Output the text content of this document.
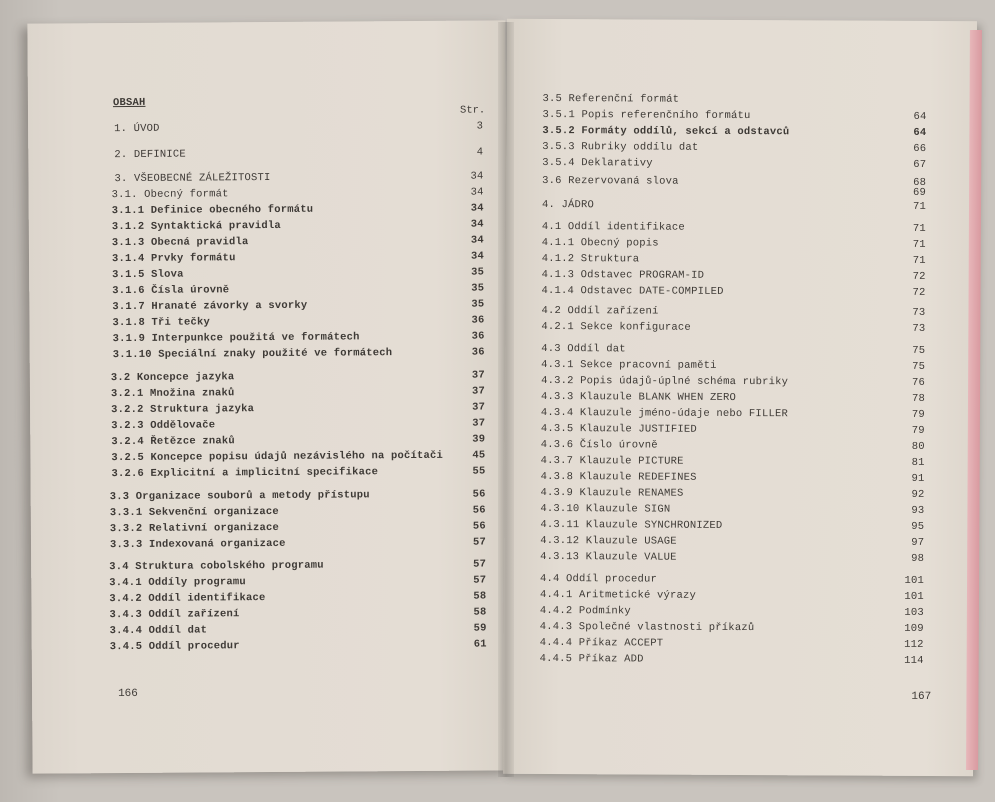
OBSAH
Str.
1. ÚVOD	3
2. DEFINICE	4
3. VŠEOBECNÉ ZÁLEŽITOSTI	34
3.1. Obecný formát	34
3.1.1 Definice obecného formátu	34
3.1.2 Syntaktická pravidla	34
3.1.3 Obecná pravidla	34
3.1.4 Prvky formátu	34
3.1.5 Slova	35
3.1.6 Čísla úrovně	35
3.1.7 Hranaté závorky a svorky	35
3.1.8 Tři tečky	36
3.1.9 Interpunkce použitá ve formátech	36
3.1.10 Speciální znaky použité ve formátech	36
3.2 Koncepce jazyka	37
3.2.1 Množina znaků	37
3.2.2 Struktura jazyka	37
3.2.3 Oddělovače	37
3.2.4 Řetězce znaků	39
3.2.5 Koncepce popisu údajů nezávislého na počítači	45
3.2.6 Explicitní a implicitní specifikace	55
3.3 Organizace souborů a metody přístupu	56
3.3.1 Sekvenční organizace	56
3.3.2 Relativní organizace	56
3.3.3 Indexovaná organizace	57
3.4 Struktura cobolského programu	57
3.4.1 Oddíly programu	57
3.4.2 Oddíl identifikace	58
3.4.3 Oddíl zařízení	58
3.4.4 Oddíl dat	59
3.4.5 Oddíl procedur	61
166
3.5 Referenční formát
3.5.1 Popis referenčního formátu	64
3.5.2 Formáty oddílů, sekcí a odstavců	64
3.5.3 Rubriky oddílu dat	66
3.5.4 Deklarativy	67
3.6 Rezervovaná slova	68
69
4. JÁDRO	71
4.1 Oddíl identifikace	71
4.1.1 Obecný popis	71
4.1.2 Struktura	71
4.1.3 Odstavec PROGRAM-ID	72
4.1.4 Odstavec DATE-COMPILED	72
4.2 Oddíl zařízení	73
4.2.1 Sekce konfigurace	73
4.3 Oddíl dat	75
4.3.1 Sekce pracovní paměti	75
4.3.2 Popis údajů-úplné schéma rubriky	76
4.3.3 Klauzule BLANK WHEN ZERO	78
4.3.4 Klauzule jméno-údaje nebo FILLER	79
4.3.5 Klauzule JUSTIFIED	79
4.3.6 Číslo úrovně	80
4.3.7 Klauzule PICTURE	81
4.3.8 Klauzule REDEFINES	91
4.3.9 Klauzule RENAMES	92
4.3.10 Klauzule SIGN	93
4.3.11 Klauzule SYNCHRONIZED	95
4.3.12 Klauzule USAGE	97
4.3.13 Klauzule VALUE	98
4.4 Oddíl procedur	101
4.4.1 Aritmetické výrazy	101
4.4.2 Podmínky	103
4.4.3 Společné vlastnosti příkazů	109
4.4.4 Příkaz ACCEPT	112
4.4.5 Příkaz ADD	114
167
